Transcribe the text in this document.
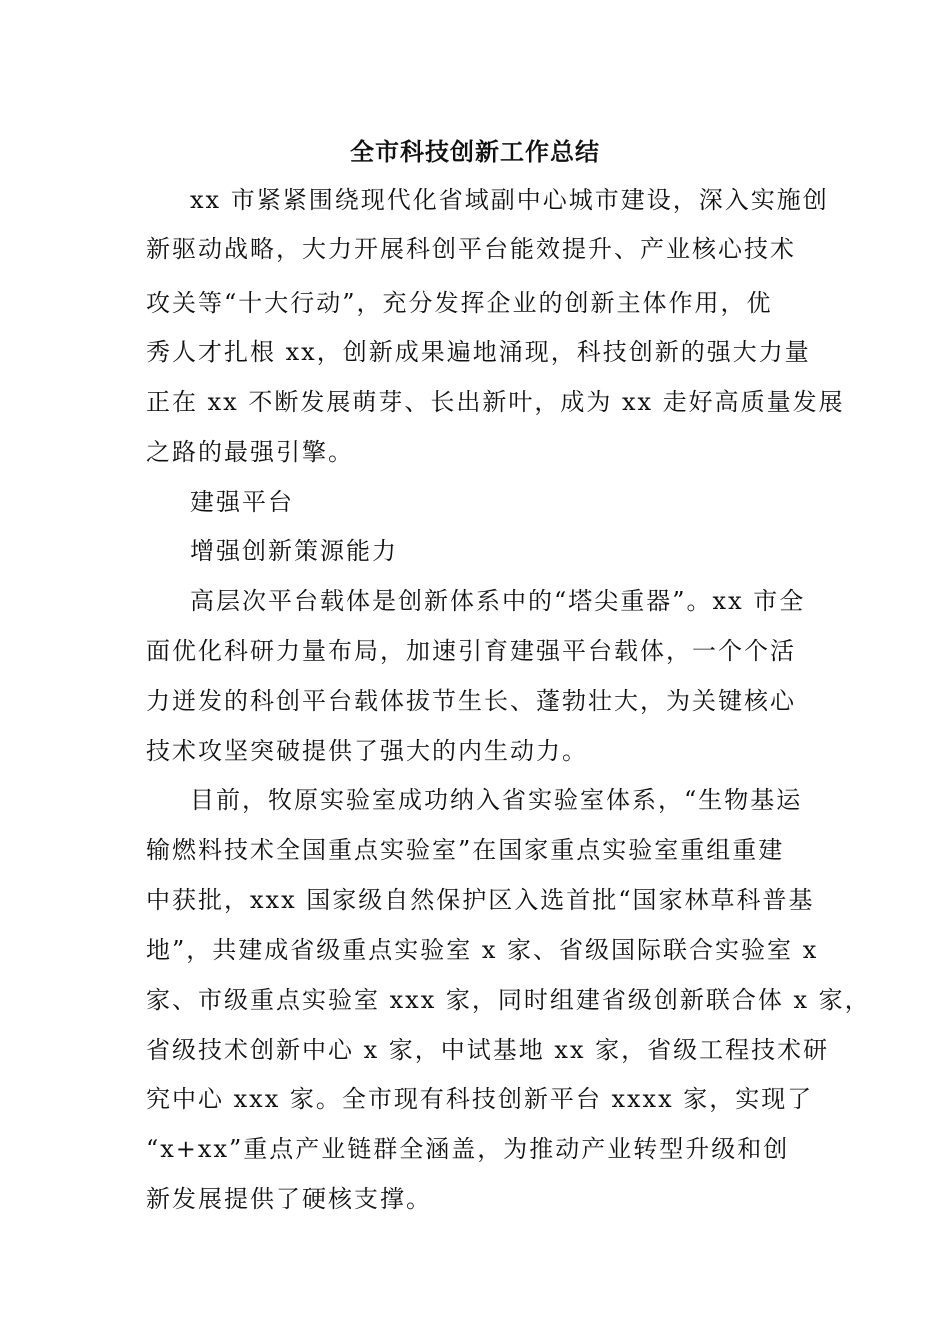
全市科技创新工作总结
xx 市紧紧围绕现代化省域副中心城市建设，深入实施创
新驱动战略，大力开展科创平台能效提升、产业核心技术
攻关等“十大行动”，充分发挥企业的创新主体作用，优
秀人才扎根 xx，创新成果遍地涌现，科技创新的强大力量
正在 xx 不断发展萌芽、长出新叶，成为 xx 走好高质量发展
之路的最强引擎。
建强平台
增强创新策源能力
高层次平台载体是创新体系中的“塔尖重器”。xx 市全
面优化科研力量布局，加速引育建强平台载体，一个个活
力迸发的科创平台载体拔节生长、蓬勃壮大，为关键核心
技术攻坚突破提供了强大的内生动力。
目前，牧原实验室成功纳入省实验室体系，“生物基运
输燃料技术全国重点实验室”在国家重点实验室重组重建
中获批，xxx 国家级自然保护区入选首批“国家林草科普基
地”，共建成省级重点实验室 x 家、省级国际联合实验室 x
家、市级重点实验室 xxx 家，同时组建省级创新联合体 x 家，
省级技术创新中心 x 家，中试基地 xx 家，省级工程技术研
究中心 xxx 家。全市现有科技创新平台 xxxx 家，实现了
“x+xx”重点产业链群全涵盖，为推动产业转型升级和创
新发展提供了硬核支撑。
